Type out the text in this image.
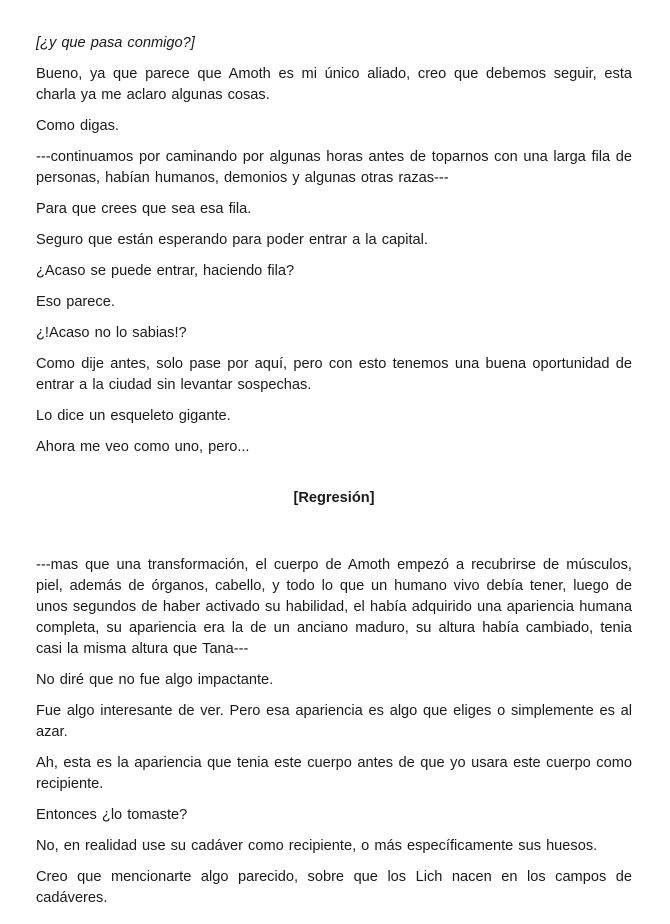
[¿y que pasa conmigo?]

Bueno, ya que parece que Amoth es mi único aliado, creo que debemos seguir, esta charla ya me aclaro algunas cosas.

Como digas.

---continuamos por caminando por algunas horas antes de toparnos con una larga fila de personas, habían humanos, demonios y algunas otras razas---

Para que crees que sea esa fila.

Seguro que están esperando para poder entrar a la capital.

¿Acaso se puede entrar, haciendo fila?

Eso parece.

¿!Acaso no lo sabias!?

Como dije antes, solo pase por aquí, pero con esto tenemos una buena oportunidad de entrar a la ciudad sin levantar sospechas.

Lo dice un esqueleto gigante.

Ahora me veo como uno, pero...

[Regresión]

---mas que una transformación, el cuerpo de Amoth empezó a recubrirse de músculos, piel, además de órganos, cabello, y todo lo que un humano vivo debía tener, luego de unos segundos de haber activado su habilidad, el había adquirido una apariencia humana completa, su apariencia era la de un anciano maduro, su altura había cambiado, tenia casi la misma altura que Tana---

No diré que no fue algo impactante.

Fue algo interesante de ver. Pero esa apariencia es algo que eliges o simplemente es al azar.

Ah, esta es la apariencia que tenia este cuerpo antes de que yo usara este cuerpo como recipiente.

Entonces ¿lo tomaste?

No, en realidad use su cadáver como recipiente, o más específicamente sus huesos.

Creo que mencionarte algo parecido, sobre que los Lich nacen en los campos de cadáveres.
